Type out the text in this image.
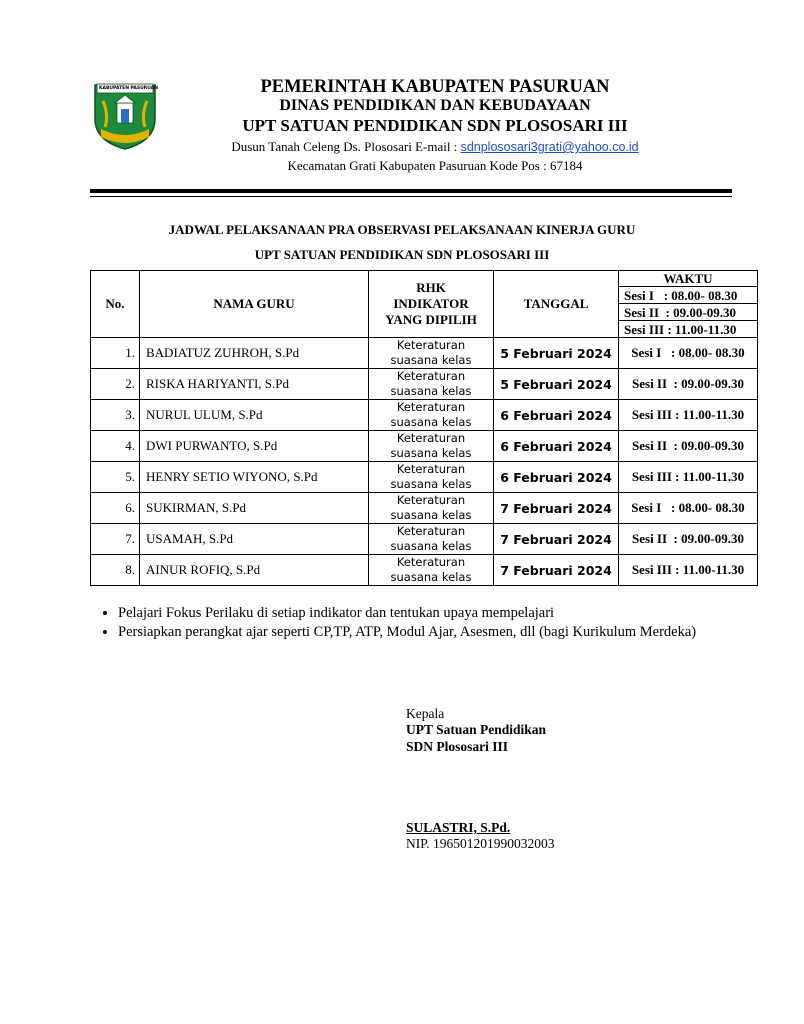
KABUPATEN PASURUAN	PEMERINTAH KABUPATEN PASURUAN
DINAS PENDIDIKAN DAN KEBUDAYAAN
UPT SATUAN PENDIDIKAN SDN PLOSOSARI III
Dusun Tanah Celeng Ds. Plososari E-mail : sdnplososari3grati@yahoo.co.id
Kecamatan Grati Kabupaten Pasuruan Kode Pos : 67184
JADWAL PELAKSANAAN PRA OBSERVASI PELAKSANAAN KINERJA GURU
UPT SATUAN PENDIDIKAN SDN PLOSOSARI III
No.	NAMA GURU	RHK
INDIKATOR
YANG DIPILIH	TANGGAL	WAKTU
				Sesi I   : 08.00- 08.30
				Sesi II  : 09.00-09.30
				Sesi III : 11.00-11.30
1.	BADIATUZ ZUHROH, S.Pd	Keteraturan
suasana kelas	5 Februari 2024	Sesi I   : 08.00- 08.30
2.	RISKA HARIYANTI, S.Pd	Keteraturan
suasana kelas	5 Februari 2024	Sesi II  : 09.00-09.30
3.	NURUL ULUM, S.Pd	Keteraturan
suasana kelas	6 Februari 2024	Sesi III : 11.00-11.30
4.	DWI PURWANTO, S.Pd	Keteraturan
suasana kelas	6 Februari 2024	Sesi II  : 09.00-09.30
5.	HENRY SETIO WIYONO, S.Pd	Keteraturan
suasana kelas	6 Februari 2024	Sesi III : 11.00-11.30
6.	SUKIRMAN, S.Pd	Keteraturan
suasana kelas	7 Februari 2024	Sesi I   : 08.00- 08.30
7.	USAMAH, S.Pd	Keteraturan
suasana kelas	7 Februari 2024	Sesi II  : 09.00-09.30
8.	AINUR ROFIQ, S.Pd	Keteraturan
suasana kelas	7 Februari 2024	Sesi III : 11.00-11.30
• Pelajari Fokus Perilaku di setiap indikator dan tentukan upaya mempelajari
• Persiapkan perangkat ajar seperti CP,TP, ATP, Modul Ajar, Asesmen, dll (bagi Kurikulum Merdeka)
Kepala
UPT Satuan Pendidikan
SDN Plososari III
SULASTRI, S.Pd.
NIP. 196501201990032003
